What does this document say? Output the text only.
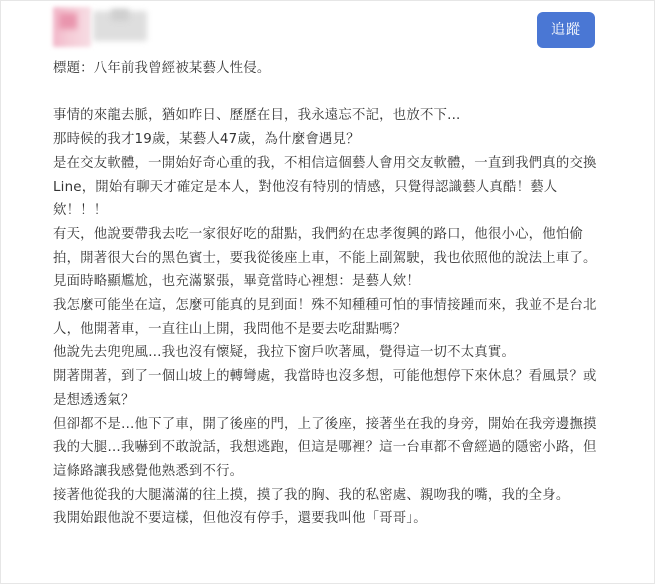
追蹤

標題：八年前我曾經被某藝人性侵。

事情的來龍去脈，猶如昨日、歷歷在目，我永遠忘不記，也放不下...

那時候的我才19歲，某藝人47歲，為什麼會遇見？

是在交友軟體，一開始好奇心重的我，不相信這個藝人會用交友軟體，一直到我們真的交換Line，開始有聊天才確定是本人，對他沒有特別的情感，只覺得認識藝人真酷！藝人欸！！！

有天，他說要帶我去吃一家很好吃的甜點，我們約在忠孝復興的路口，他很小心，他怕偷拍，開著很大台的黑色賓士，要我從後座上車，不能上副駕駛，我也依照他的說法上車了。

見面時略顯尷尬，也充滿緊張，畢竟當時心裡想：是藝人欸！

我怎麼可能坐在這，怎麼可能真的見到面！殊不知種種可怕的事情接踵而來，我並不是台北人，他開著車，一直往山上開，我問他不是要去吃甜點嗎？

他說先去兜兜風…我也沒有懷疑，我拉下窗戶吹著風，覺得這一切不太真實。

開著開著，到了一個山坡上的轉彎處，我當時也沒多想，可能他想停下來休息？看風景？或是想透透氣？

但卻都不是…他下了車，開了後座的門，上了後座，接著坐在我的身旁，開始在我旁邊撫摸我的大腿…我嚇到不敢說話，我想逃跑，但這是哪裡？這一台車都不會經過的隱密小路，但這條路讓我感覺他熟悉到不行。

接著他從我的大腿滿滿的往上摸，摸了我的胸、我的私密處、親吻我的嘴，我的全身。

我開始跟他說不要這樣，但他沒有停手，還要我叫他「哥哥」。
